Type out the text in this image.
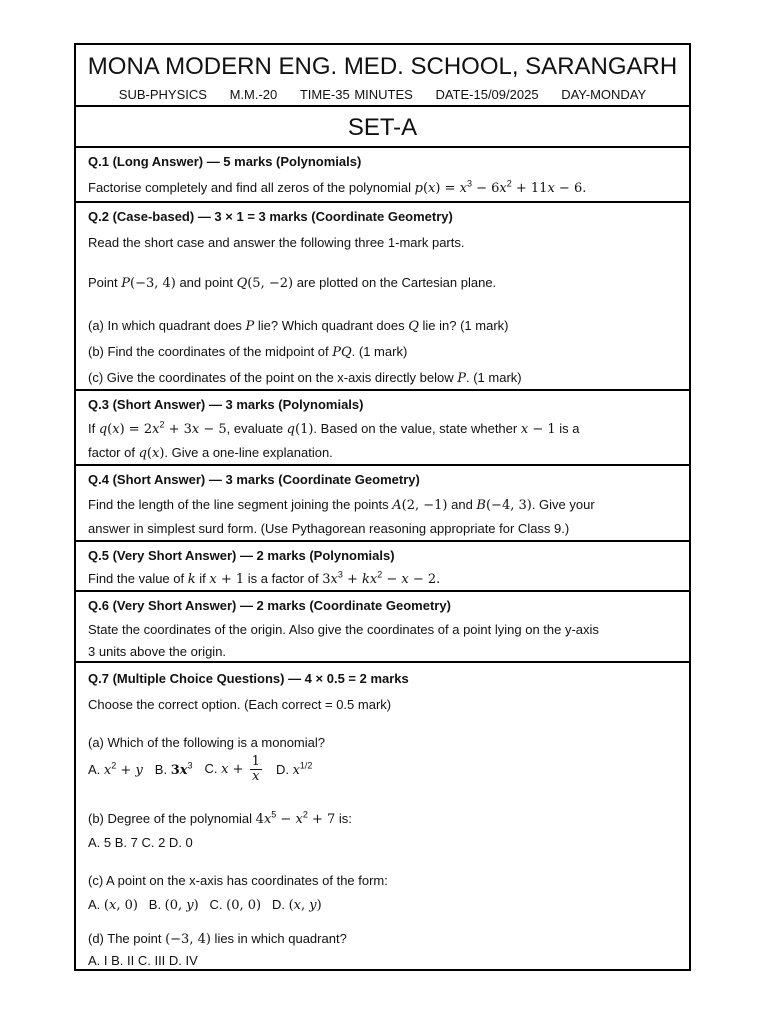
MONA MODERN ENG. MED. SCHOOL, SARANGARH
SUB-PHYSICS M.M.-20 TIME-35 MINUTES DATE-15/09/2025 DAY-MONDAY
SET-A
Q.1 (Long Answer) — 5 marks (Polynomials)
Factorise completely and find all zeros of the polynomial $p(x) = x^3 - 6x^2 + 11x - 6$.
Q.2 (Case-based) — 3 × 1 = 3 marks (Coordinate Geometry)
Read the short case and answer the following three 1-mark parts.
Point P(−3, 4) and point Q(5, −2) are plotted on the Cartesian plane.
(a) In which quadrant does P lie? Which quadrant does Q lie in? (1 mark)
(b) Find the coordinates of the midpoint of PQ. (1 mark)
(c) Give the coordinates of the point on the x-axis directly below P. (1 mark)
Q.3 (Short Answer) — 3 marks (Polynomials)
If $q(x) = 2x^2 + 3x - 5$, evaluate q(1). Based on the value, state whether x − 1 is a
factor of q(x). Give a one-line explanation.
Q.4 (Short Answer) — 3 marks (Coordinate Geometry)
Find the length of the line segment joining the points A(2, −1) and B(−4, 3). Give your
answer in simplest surd form. (Use Pythagorean reasoning appropriate for Class 9.)
Q.5 (Very Short Answer) — 2 marks (Polynomials)
Find the value of k if x + 1 is a factor of $3x^3 + kx^2 - x - 2$.
Q.6 (Very Short Answer) — 2 marks (Coordinate Geometry)
State the coordinates of the origin. Also give the coordinates of a point lying on the y-axis
3 units above the origin.
Q.7 (Multiple Choice Questions) — 4 × 0.5 = 2 marks
Choose the correct option. (Each correct = 0.5 mark)
(a) Which of the following is a monomial?
A. $x^2 + y$ B. $3x^3$ C. $x + \frac{1}{x} D$. $x^{1/2}$
(b) Degree of the polynomial $4x^5 - x^2 + 7$ is:
A. 5 B. 7 C. 2 D. 0
(c) A point on the x-axis has coordinates of the form:
A. (x, 0)   B. (0, y)   C. (0, 0)   D. (x, y)
(d) The point (−3, 4) lies in which quadrant?
A. I B. II C. III D. IV
